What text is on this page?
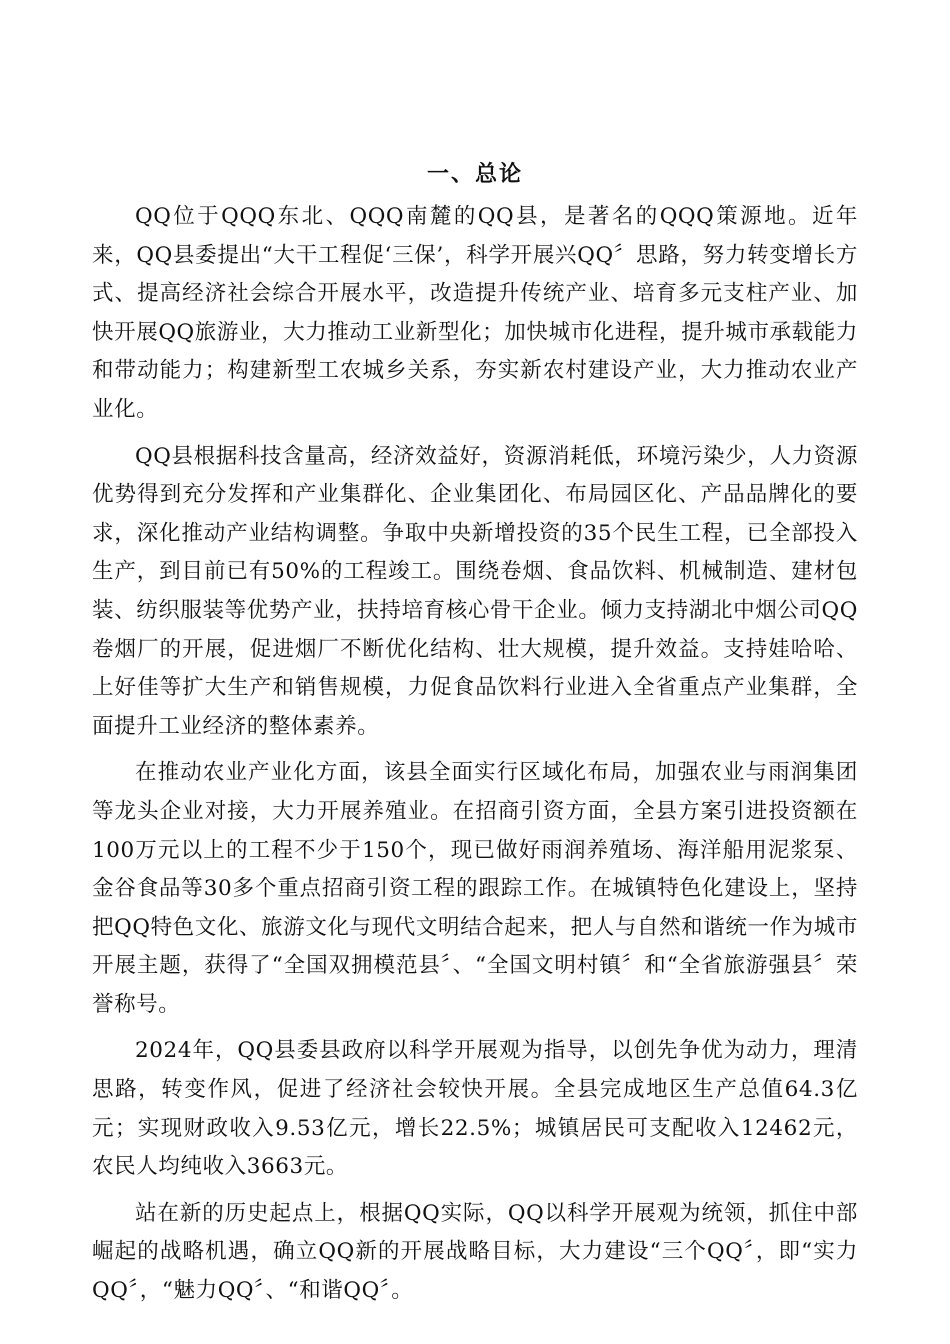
一、总论

QQ位于QQQ东北、QQQ南麓的QQ县，是著名的QQQ策源地。近年来，QQ县委提出“大干工程促‘三保’，科学开展兴QQ〞思路，努力转变增长方式、提高经济社会综合开展水平，改造提升传统产业、培育多元支柱产业、加快开展QQ旅游业，大力推动工业新型化；加快城市化进程，提升城市承载能力和带动能力；构建新型工农城乡关系，夯实新农村建设产业，大力推动农业产业化。

QQ县根据科技含量高，经济效益好，资源消耗低，环境污染少，人力资源优势得到充分发挥和产业集群化、企业集团化、布局园区化、产品品牌化的要求，深化推动产业结构调整。争取中央新增投资的35个民生工程，已全部投入生产，到目前已有50%的工程竣工。围绕卷烟、食品饮料、机械制造、建材包装、纺织服装等优势产业，扶持培育核心骨干企业。倾力支持湖北中烟公司QQ卷烟厂的开展，促进烟厂不断优化结构、壮大规模，提升效益。支持娃哈哈、上好佳等扩大生产和销售规模，力促食品饮料行业进入全省重点产业集群，全面提升工业经济的整体素养。

在推动农业产业化方面，该县全面实行区域化布局，加强农业与雨润集团等龙头企业对接，大力开展养殖业。在招商引资方面，全县方案引进投资额在100万元以上的工程不少于150个，现已做好雨润养殖场、海洋船用泥浆泵、金谷食品等30多个重点招商引资工程的跟踪工作。在城镇特色化建设上，坚持把QQ特色文化、旅游文化与现代文明结合起来，把人与自然和谐统一作为城市开展主题，获得了“全国双拥模范县〞、“全国文明村镇〞和“全省旅游强县〞荣誉称号。

2024年，QQ县委县政府以科学开展观为指导，以创先争优为动力，理清思路，转变作风，促进了经济社会较快开展。全县完成地区生产总值64.3亿元；实现财政收入9.53亿元，增长22.5%；城镇居民可支配收入12462元，农民人均纯收入3663元。

站在新的历史起点上，根据QQ实际，QQ以科学开展观为统领，抓住中部崛起的战略机遇，确立QQ新的开展战略目标，大力建设“三个QQ〞，即“实力QQ〞，“魅力QQ〞、“和谐QQ〞。
